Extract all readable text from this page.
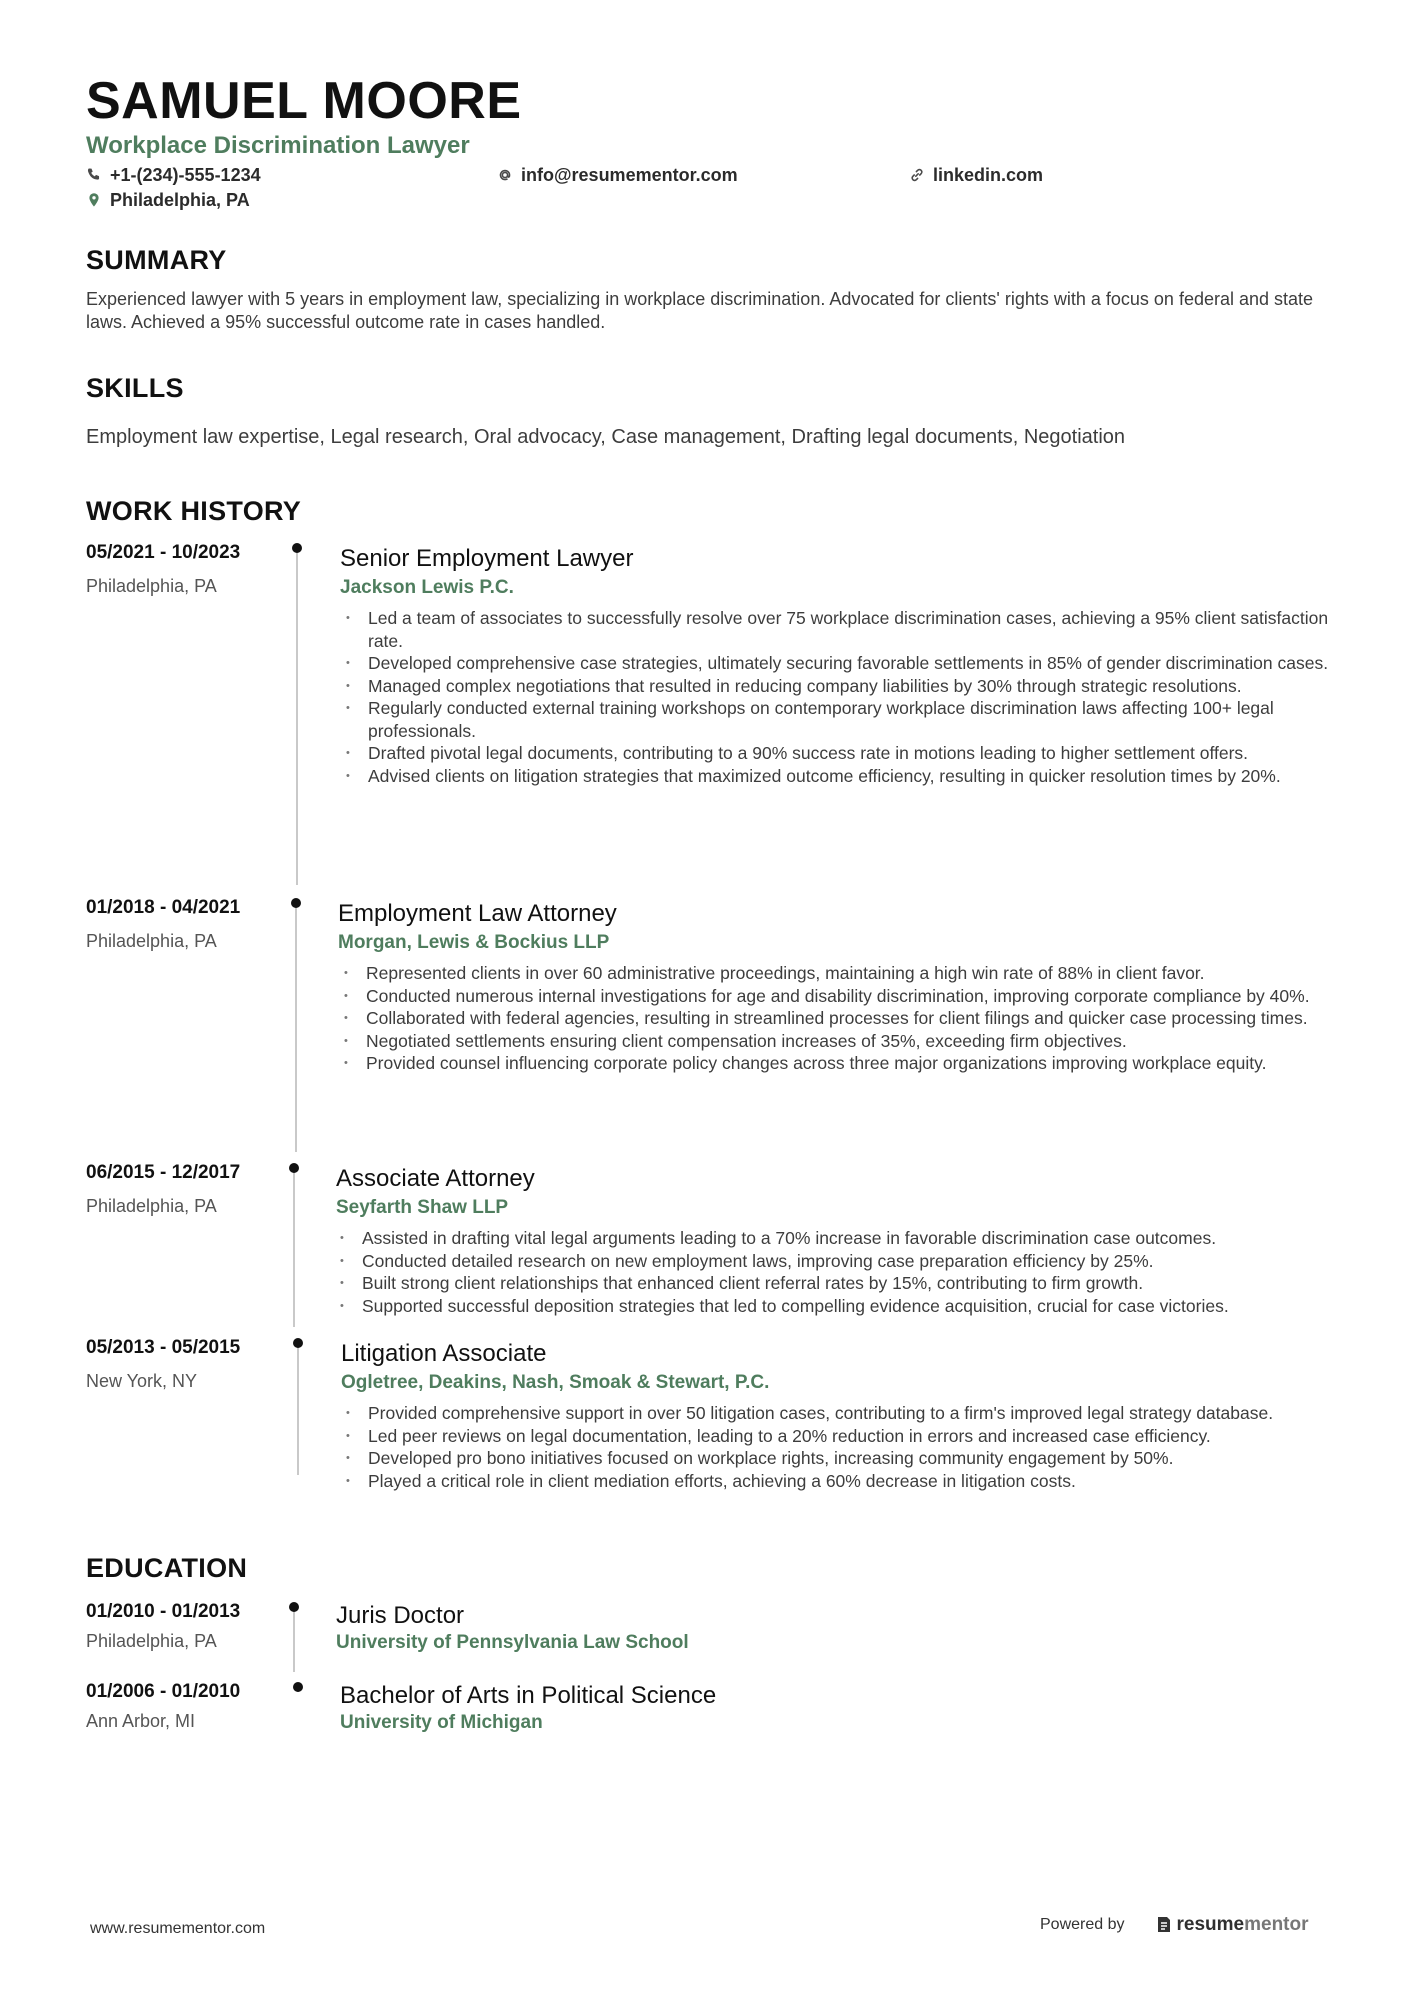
SAMUEL MOORE
Workplace Discrimination Lawyer
+1-(234)-555-1234	info@resumementor.com	linkedin.com
Philadelphia, PA
SUMMARY
Experienced lawyer with 5 years in employment law, specializing in workplace discrimination. Advocated for clients' rights with a focus on federal and state laws. Achieved a 95% successful outcome rate in cases handled.
SKILLS
Employment law expertise, Legal research, Oral advocacy, Case management, Drafting legal documents, Negotiation
WORK HISTORY
05/2021 - 10/2023
Philadelphia, PA
Senior Employment Lawyer
Jackson Lewis P.C.
• Led a team of associates to successfully resolve over 75 workplace discrimination cases, achieving a 95% client satisfaction rate.
• Developed comprehensive case strategies, ultimately securing favorable settlements in 85% of gender discrimination cases.
• Managed complex negotiations that resulted in reducing company liabilities by 30% through strategic resolutions.
• Regularly conducted external training workshops on contemporary workplace discrimination laws affecting 100+ legal professionals.
• Drafted pivotal legal documents, contributing to a 90% success rate in motions leading to higher settlement offers.
• Advised clients on litigation strategies that maximized outcome efficiency, resulting in quicker resolution times by 20%.
01/2018 - 04/2021
Philadelphia, PA
Employment Law Attorney
Morgan, Lewis & Bockius LLP
• Represented clients in over 60 administrative proceedings, maintaining a high win rate of 88% in client favor.
• Conducted numerous internal investigations for age and disability discrimination, improving corporate compliance by 40%.
• Collaborated with federal agencies, resulting in streamlined processes for client filings and quicker case processing times.
• Negotiated settlements ensuring client compensation increases of 35%, exceeding firm objectives.
• Provided counsel influencing corporate policy changes across three major organizations improving workplace equity.
06/2015 - 12/2017
Philadelphia, PA
Associate Attorney
Seyfarth Shaw LLP
• Assisted in drafting vital legal arguments leading to a 70% increase in favorable discrimination case outcomes.
• Conducted detailed research on new employment laws, improving case preparation efficiency by 25%.
• Built strong client relationships that enhanced client referral rates by 15%, contributing to firm growth.
• Supported successful deposition strategies that led to compelling evidence acquisition, crucial for case victories.
05/2013 - 05/2015
New York, NY
Litigation Associate
Ogletree, Deakins, Nash, Smoak & Stewart, P.C.
• Provided comprehensive support in over 50 litigation cases, contributing to a firm's improved legal strategy database.
• Led peer reviews on legal documentation, leading to a 20% reduction in errors and increased case efficiency.
• Developed pro bono initiatives focused on workplace rights, increasing community engagement by 50%.
• Played a critical role in client mediation efforts, achieving a 60% decrease in litigation costs.
EDUCATION
01/2010 - 01/2013
Philadelphia, PA
Juris Doctor
University of Pennsylvania Law School
01/2006 - 01/2010
Ann Arbor, MI
Bachelor of Arts in Political Science
University of Michigan
www.resumementor.com	Powered by	resume mentor
